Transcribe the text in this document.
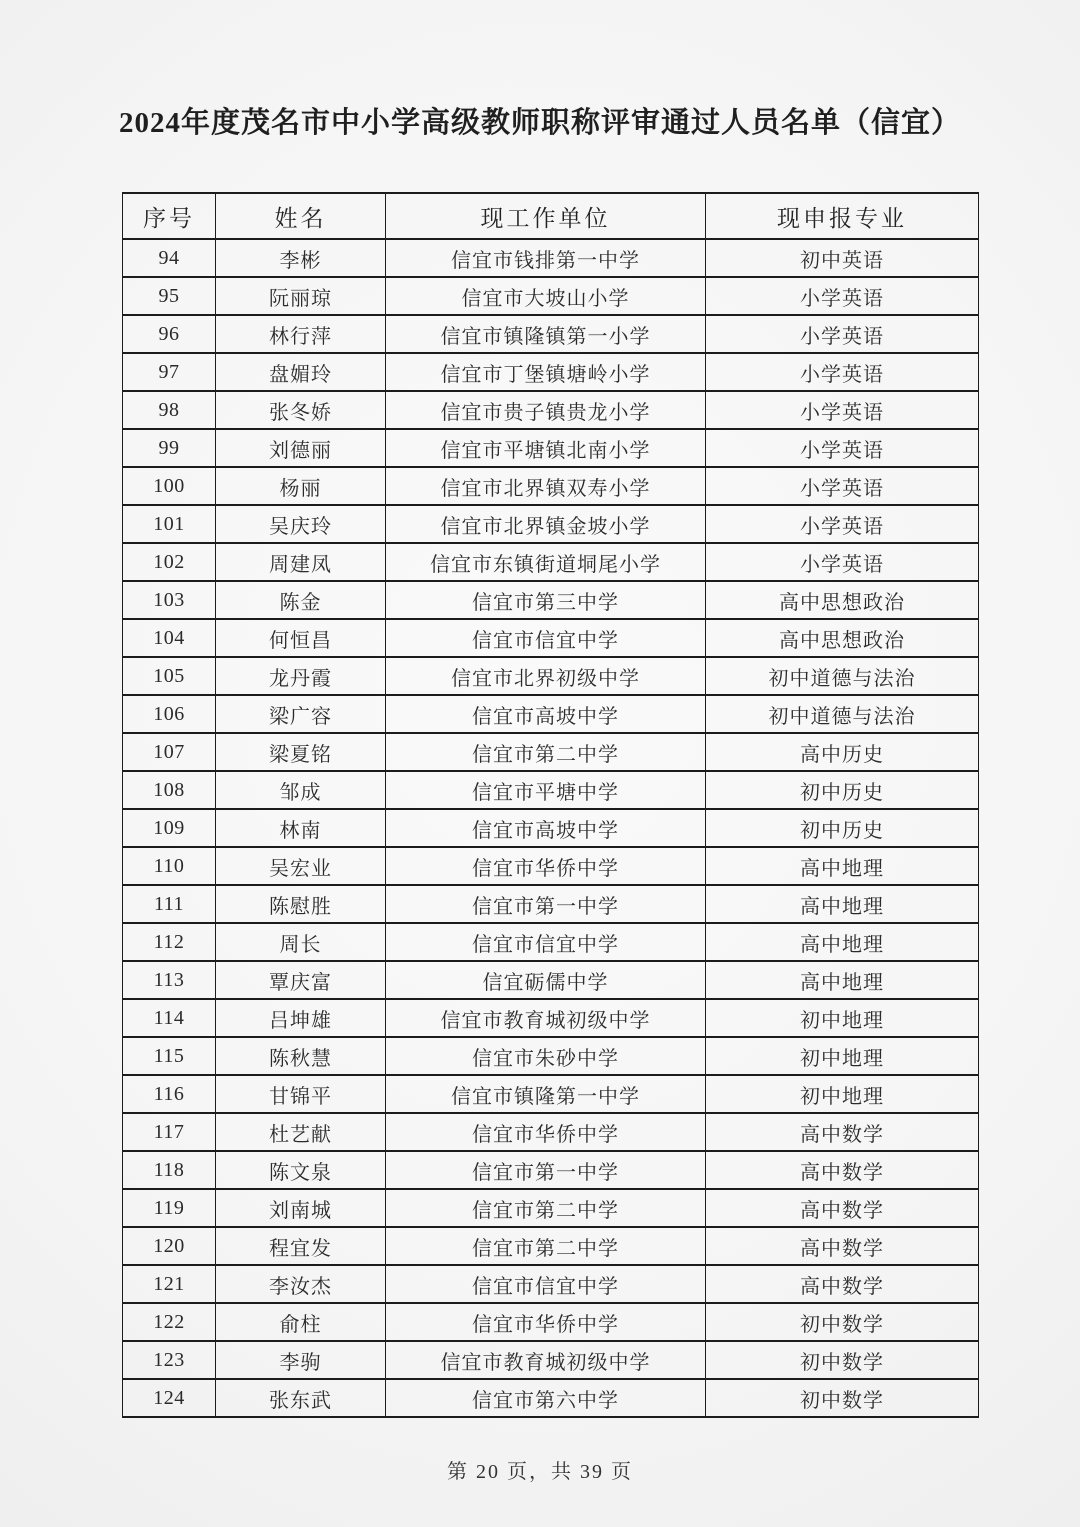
2024年度茂名市中小学高级教师职称评审通过人员名单（信宜）
序号	姓名	现工作单位	现申报专业
94	李彬	信宜市钱排第一中学	初中英语
95	阮丽琼	信宜市大坡山小学	小学英语
96	林行萍	信宜市镇隆镇第一小学	小学英语
97	盘媚玲	信宜市丁堡镇塘岭小学	小学英语
98	张冬娇	信宜市贵子镇贵龙小学	小学英语
99	刘德丽	信宜市平塘镇北南小学	小学英语
100	杨丽	信宜市北界镇双寿小学	小学英语
101	吴庆玲	信宜市北界镇金坡小学	小学英语
102	周建凤	信宜市东镇街道垌尾小学	小学英语
103	陈金	信宜市第三中学	高中思想政治
104	何恒昌	信宜市信宜中学	高中思想政治
105	龙丹霞	信宜市北界初级中学	初中道德与法治
106	梁广容	信宜市高坡中学	初中道德与法治
107	梁夏铭	信宜市第二中学	高中历史
108	邹成	信宜市平塘中学	初中历史
109	林南	信宜市高坡中学	初中历史
110	吴宏业	信宜市华侨中学	高中地理
111	陈慰胜	信宜市第一中学	高中地理
112	周长	信宜市信宜中学	高中地理
113	覃庆富	信宜砺儒中学	高中地理
114	吕坤雄	信宜市教育城初级中学	初中地理
115	陈秋慧	信宜市朱砂中学	初中地理
116	甘锦平	信宜市镇隆第一中学	初中地理
117	杜艺献	信宜市华侨中学	高中数学
118	陈文泉	信宜市第一中学	高中数学
119	刘南城	信宜市第二中学	高中数学
120	程宜发	信宜市第二中学	高中数学
121	李汝杰	信宜市信宜中学	高中数学
122	俞柱	信宜市华侨中学	初中数学
123	李驹	信宜市教育城初级中学	初中数学
124	张东武	信宜市第六中学	初中数学
第 20 页，共 39 页
